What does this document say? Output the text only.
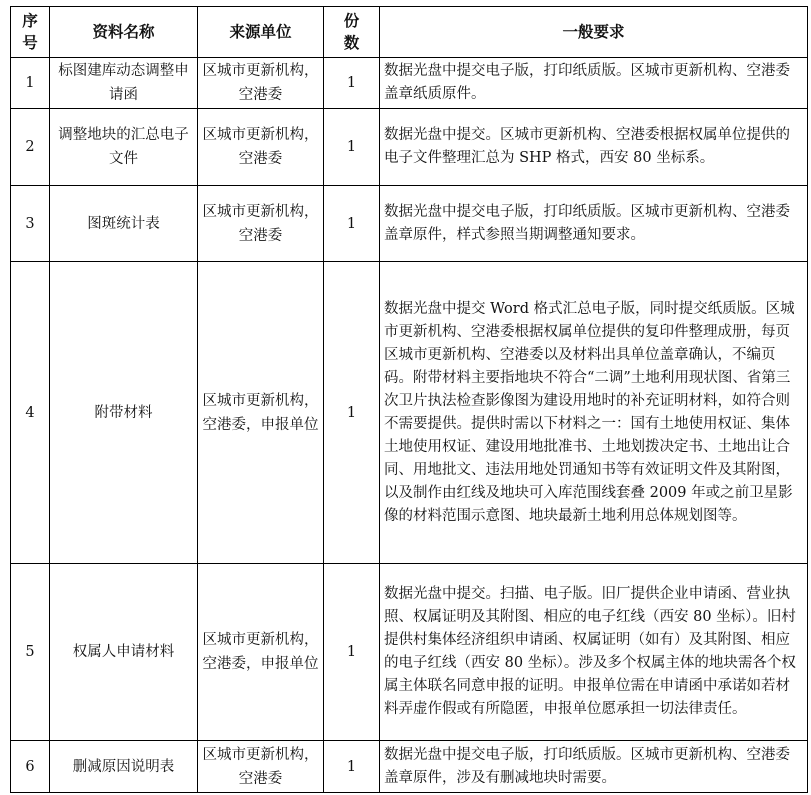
序号	资料名称	来源单位	份数	一般要求
1	标图建库动态调整申请函	区城市更新机构，空港委	1	数据光盘中提交电子版，打印纸质版。区城市更新机构、空港委盖章纸质原件。
2	调整地块的汇总电子文件	区城市更新机构，空港委	1	数据光盘中提交。区城市更新机构、空港委根据权属单位提供的电子文件整理汇总为 SHP 格式，西安 80 坐标系。
3	图斑统计表	区城市更新机构，空港委	1	数据光盘中提交电子版，打印纸质版。区城市更新机构、空港委盖章原件，样式参照当期调整通知要求。
4	附带材料	区城市更新机构，空港委，申报单位	1	数据光盘中提交 Word 格式汇总电子版，同时提交纸质版。区城市更新机构、空港委根据权属单位提供的复印件整理成册，每页区城市更新机构、空港委以及材料出具单位盖章确认，不编页码。附带材料主要指地块不符合“二调”土地利用现状图、省第三次卫片执法检查影像图为建设用地时的补充证明材料，如符合则不需要提供。提供时需以下材料之一：国有土地使用权证、集体土地使用权证、建设用地批准书、土地划拨决定书、土地出让合同、用地批文、违法用地处罚通知书等有效证明文件及其附图，以及制作由红线及地块可入库范围线套叠 2009 年或之前卫星影像的材料范围示意图、地块最新土地利用总体规划图等。
5	权属人申请材料	区城市更新机构，空港委，申报单位	1	数据光盘中提交。扫描、电子版。旧厂提供企业申请函、营业执照、权属证明及其附图、相应的电子红线（西安 80 坐标）。旧村提供村集体经济组织申请函、权属证明（如有）及其附图、相应的电子红线（西安 80 坐标）。涉及多个权属主体的地块需各个权属主体联名同意申报的证明。申报单位需在申请函中承诺如若材料弄虚作假或有所隐匿，申报单位愿承担一切法律责任。
6	删减原因说明表	区城市更新机构，空港委	1	数据光盘中提交电子版，打印纸质版。区城市更新机构、空港委盖章原件，涉及有删减地块时需要。
